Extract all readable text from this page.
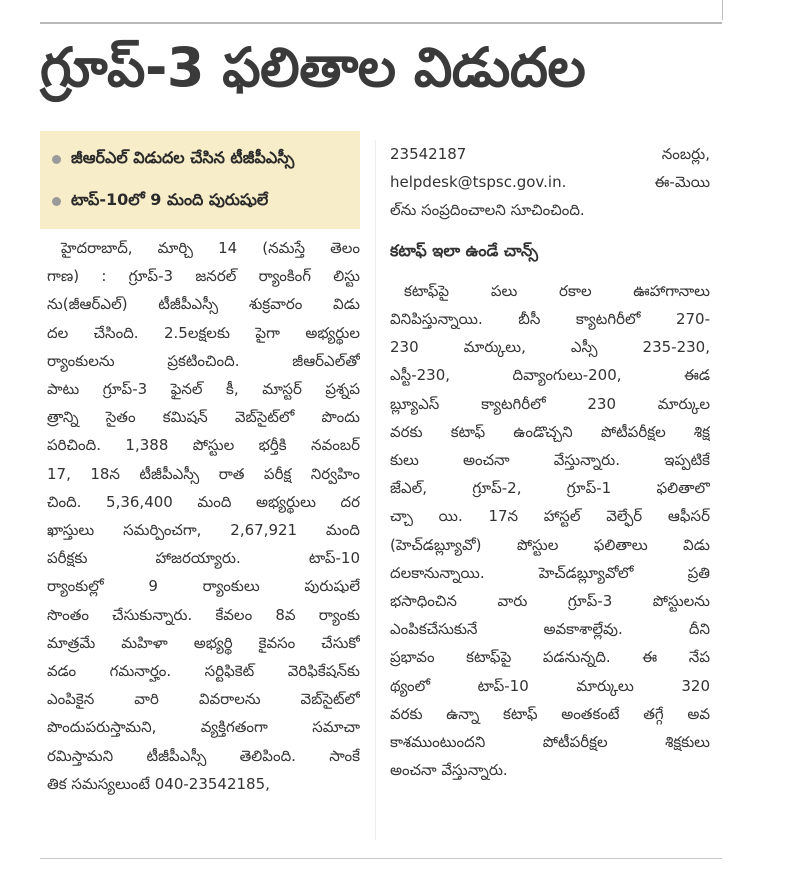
గ్రూప్-3 ఫలితాల విడుదల
జీఆర్ఎల్ విడుదల చేసిన టీజీపీఎస్సీ
టాప్-10లో 9 మంది పురుషులే
హైదరాబాద్, మార్చి 14 (నమస్తే తెలం
గాణ) : గ్రూప్-3 జనరల్ ర్యాంకింగ్ లిస్టు
ను(జీఆర్ఎల్) టీజీపీఎస్సీ శుక్రవారం విడు
దల చేసింది. 2.5లక్షలకు పైగా అభ్యర్థుల
ర్యాంకులను ప్రకటించింది. జీఆర్ఎల్‌తో
పాటు గ్రూప్-3 ఫైనల్ కీ, మాస్టర్ ప్రశ్నప
త్రాన్ని సైతం కమిషన్ వెబ్‌సైట్‌లో పొందు
పరిచింది. 1,388 పోస్టుల భర్తీకి నవంబర్
17, 18న టీజీపీఎస్సీ రాత పరీక్ష నిర్వహిం
చింది. 5,36,400 మంది అభ్యర్థులు దర
ఖాస్తులు సమర్పించగా, 2,67,921 మంది
పరీక్షకు హాజరయ్యారు. టాప్-10
ర్యాంకుల్లో 9 ర్యాంకులు పురుషులే
సొంతం చేసుకున్నారు. కేవలం 8వ ర్యాంకు
మాత్రమే మహిళా అభ్యర్థి కైవసం చేసుకో
వడం గమనార్హం. సర్టిఫికెట్ వెరిఫికేషన్‌కు
ఎంపికైన వారి వివరాలను వెబ్‌సైట్‌లో
పొందుపరుస్తామని, వ్యక్తిగతంగా సమాచా
రమిస్తామని టీజీపీఎస్సీ తెలిపింది. సాంకే
తిక సమస్యలుంటే 040-23542185,
23542187 నంబర్లు,
helpdesk@tspsc.gov.in. ఈ-మెయి
ల్‌ను సంప్రదించాలని సూచించింది.
కటాఫ్ ఇలా ఉండే చాన్స్
కటాఫ్‌పై పలు రకాల ఊహాగానాలు
వినిపిస్తున్నాయి. బీసీ క్యాటగిరీలో 270-
230 మార్కులు, ఎస్సీ 235-230,
ఎస్టీ-230, దివ్యాంగులు-200, ఈడ
బ్ల్యూఎస్ క్యాటగిరీలో 230 మార్కుల
వరకు కటాఫ్ ఉండొచ్చని పోటీపరీక్షల శిక్ష
కులు అంచనా వేస్తున్నారు. ఇప్పటికే
జేఎల్, గ్రూప్-2, గ్రూప్-1 ఫలితాలొ
చ్చా యి. 17న హాస్టల్ వెల్ఫేర్ ఆఫీసర్
(హెచ్‌డబ్ల్యూవో) పోస్టుల ఫలితాలు విడు
దలకానున్నాయి. హెచ్‌డబ్ల్యూవోలో ప్రతి
భసాధించిన వారు గ్రూప్-3 పోస్టులను
ఎంపికచేసుకునే అవకాశాల్లేవు. దీని
ప్రభావం కటాఫ్‌పై పడనున్నది. ఈ నేప
థ్యంలో టాప్-10 మార్కులు 320
వరకు ఉన్నా కటాఫ్ అంతకంటే తగ్గే అవ
కాశముంటుందని పోటీపరీక్షల శిక్షకులు
అంచనా వేస్తున్నారు.
